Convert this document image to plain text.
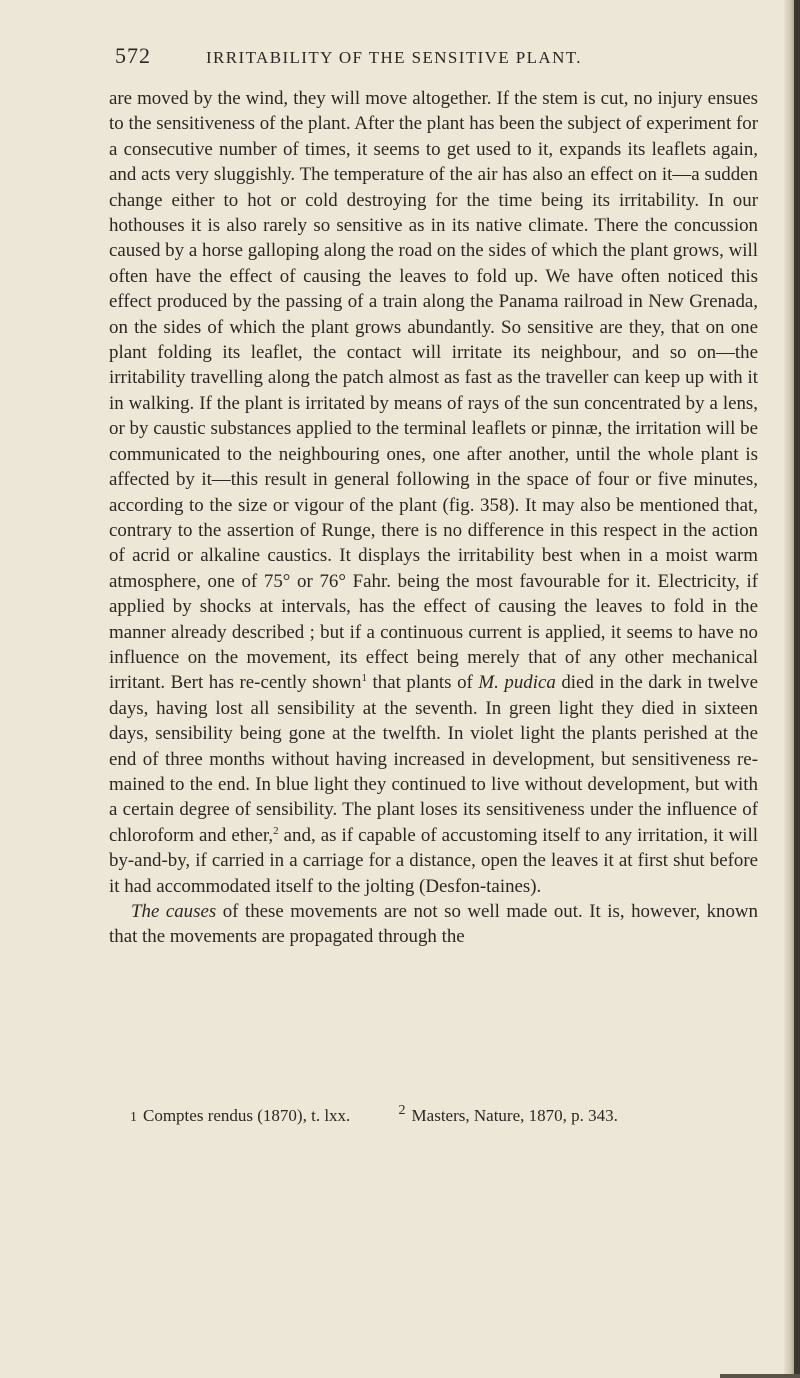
572	IRRITABILITY OF THE SENSITIVE PLANT.

are moved by the wind, they will move altogether. If the stem is cut, no injury ensues to the sensitiveness of the plant. After the plant has been the subject of experiment for a consecutive number of times, it seems to get used to it, expands its leaflets again, and acts very sluggishly. The temperature of the air has also an effect on it—a sudden change either to hot or cold destroying for the time being its irritability. In our hothouses it is also rarely so sensitive as in its native climate. There the concussion caused by a horse galloping along the road on the sides of which the plant grows, will often have the effect of causing the leaves to fold up. We have often noticed this effect produced by the passing of a train along the Panama railroad in New Grenada, on the sides of which the plant grows abundantly. So sensitive are they, that on one plant folding its leaflet, the contact will irritate its neighbour, and so on—the irritability travelling along the patch almost as fast as the traveller can keep up with it in walking. If the plant is irritated by means of rays of the sun concentrated by a lens, or by caustic substances applied to the terminal leaflets or pinnæ, the irritation will be communicated to the neighbouring ones, one after another, until the whole plant is affected by it—this result in general following in the space of four or five minutes, according to the size or vigour of the plant (fig. 358). It may also be mentioned that, contrary to the assertion of Runge, there is no difference in this respect in the action of acrid or alkaline caustics. It displays the irritability best when in a moist warm atmosphere, one of 75° or 76° Fahr. being the most favourable for it. Electricity, if applied by shocks at intervals, has the effect of causing the leaves to fold in the manner already described ; but if a continuous current is applied, it seems to have no influence on the movement, its effect being merely that of any other mechanical irritant. Bert has re-cently shown$^1$ that plants of M. pudica died in the dark in twelve days, having lost all sensibility at the seventh. In green light they died in sixteen days, sensibility being gone at the twelfth. In violet light the plants perished at the end of three months without having increased in development, but sensitiveness re-mained to the end. In blue light they continued to live without development, but with a certain degree of sensibility. The plant loses its sensitiveness under the influence of chloroform and ether,$^2$ and, as if capable of accustoming itself to any irritation, it will by-and-by, if carried in a carriage for a distance, open the leaves it at first shut before it had accommodated itself to the jolting (Desfon-taines).

The causes of these movements are not so well made out. It is, however, known that the movements are propagated through the

1 Comptes rendus (1870), t. lxx.	$^2$ Masters, Nature, 1870, p. 343.
